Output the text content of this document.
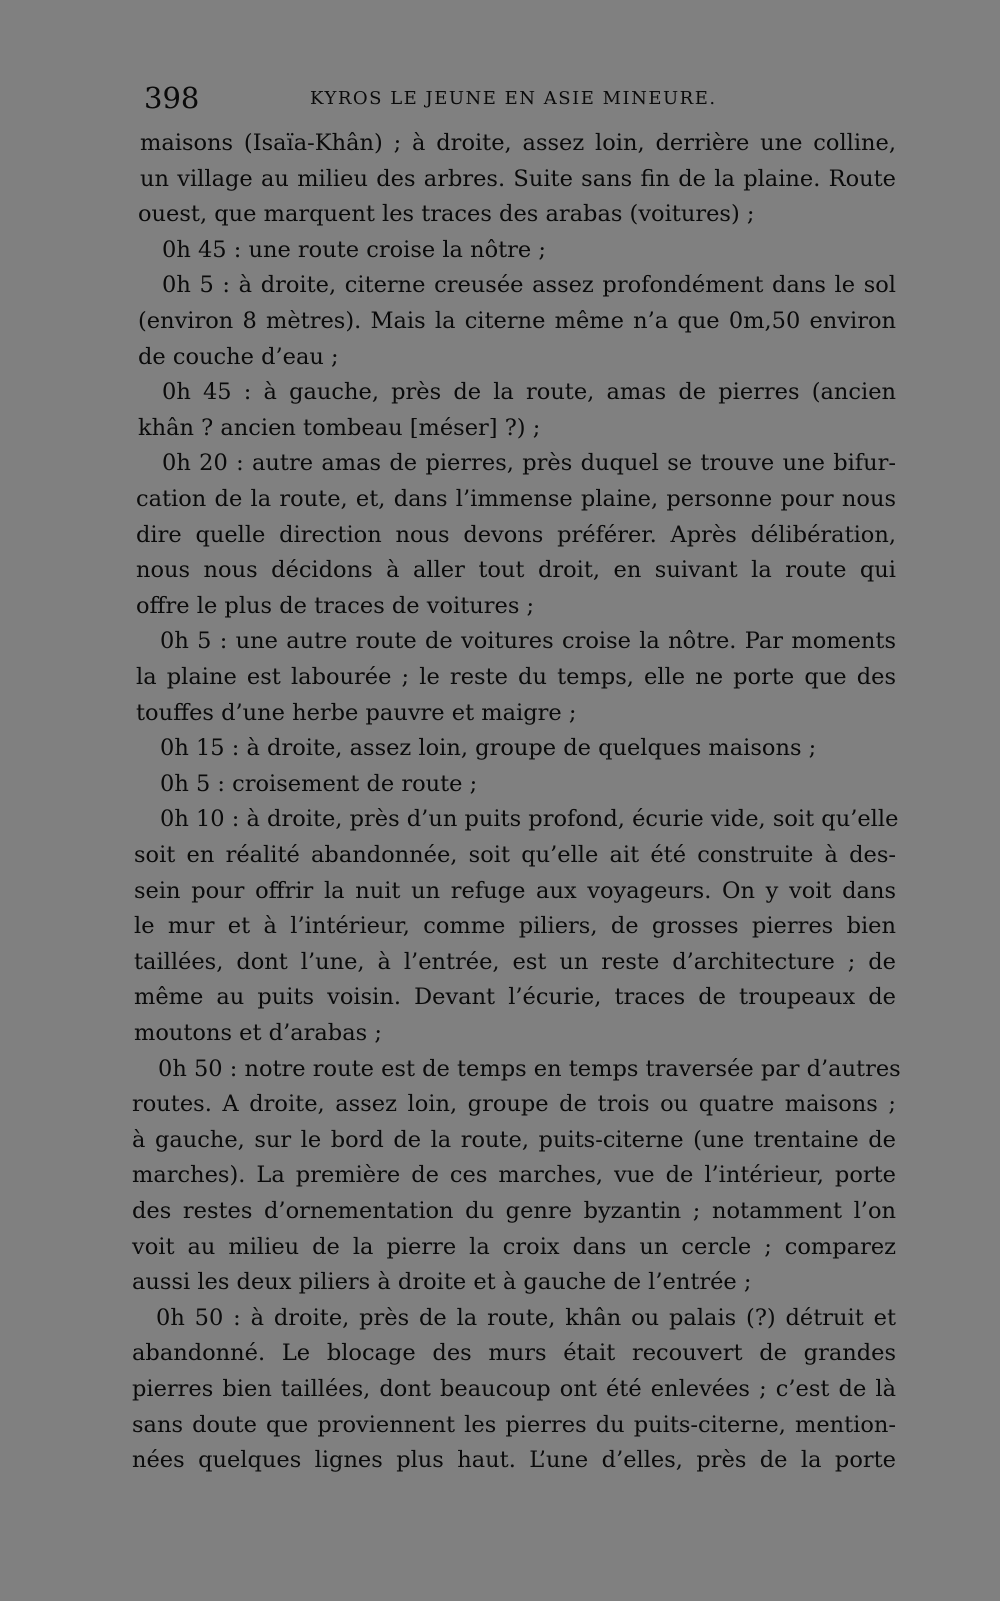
398	KYROS LE JEUNE EN ASIE MINEURE.
maisons (Isaïa-Khân) ; à droite, assez loin, derrière une colline,
un village au milieu des arbres. Suite sans fin de la plaine. Route
ouest, que marquent les traces des arabas (voitures) ;
0h 45 : une route croise la nôtre ;
0h 5 : à droite, citerne creusée assez profondément dans le sol
(environ 8 mètres). Mais la citerne même n’a que 0m,50 environ
de couche d’eau ;
0h 45 : à gauche, près de la route, amas de pierres (ancien
khân ? ancien tombeau [méser] ?) ;
0h 20 : autre amas de pierres, près duquel se trouve une bifur-
cation de la route, et, dans l’immense plaine, personne pour nous
dire quelle direction nous devons préférer. Après délibération,
nous nous décidons à aller tout droit, en suivant la route qui
offre le plus de traces de voitures ;
0h 5 : une autre route de voitures croise la nôtre. Par moments
la plaine est labourée ; le reste du temps, elle ne porte que des
touffes d’une herbe pauvre et maigre ;
0h 15 : à droite, assez loin, groupe de quelques maisons ;
0h 5 : croisement de route ;
0h 10 : à droite, près d’un puits profond, écurie vide, soit qu’elle
soit en réalité abandonnée, soit qu’elle ait été construite à des-
sein pour offrir la nuit un refuge aux voyageurs. On y voit dans
le mur et à l’intérieur, comme piliers, de grosses pierres bien
taillées, dont l’une, à l’entrée, est un reste d’architecture ; de
même au puits voisin. Devant l’écurie, traces de troupeaux de
moutons et d’arabas ;
0h 50 : notre route est de temps en temps traversée par d’autres
routes. A droite, assez loin, groupe de trois ou quatre maisons ;
à gauche, sur le bord de la route, puits-citerne (une trentaine de
marches). La première de ces marches, vue de l’intérieur, porte
des restes d’ornementation du genre byzantin ; notamment l’on
voit au milieu de la pierre la croix dans un cercle ; comparez
aussi les deux piliers à droite et à gauche de l’entrée ;
0h 50 : à droite, près de la route, khân ou palais (?) détruit et
abandonné. Le blocage des murs était recouvert de grandes
pierres bien taillées, dont beaucoup ont été enlevées ; c’est de là
sans doute que proviennent les pierres du puits-citerne, mention-
nées quelques lignes plus haut. L’une d’elles, près de la porte
